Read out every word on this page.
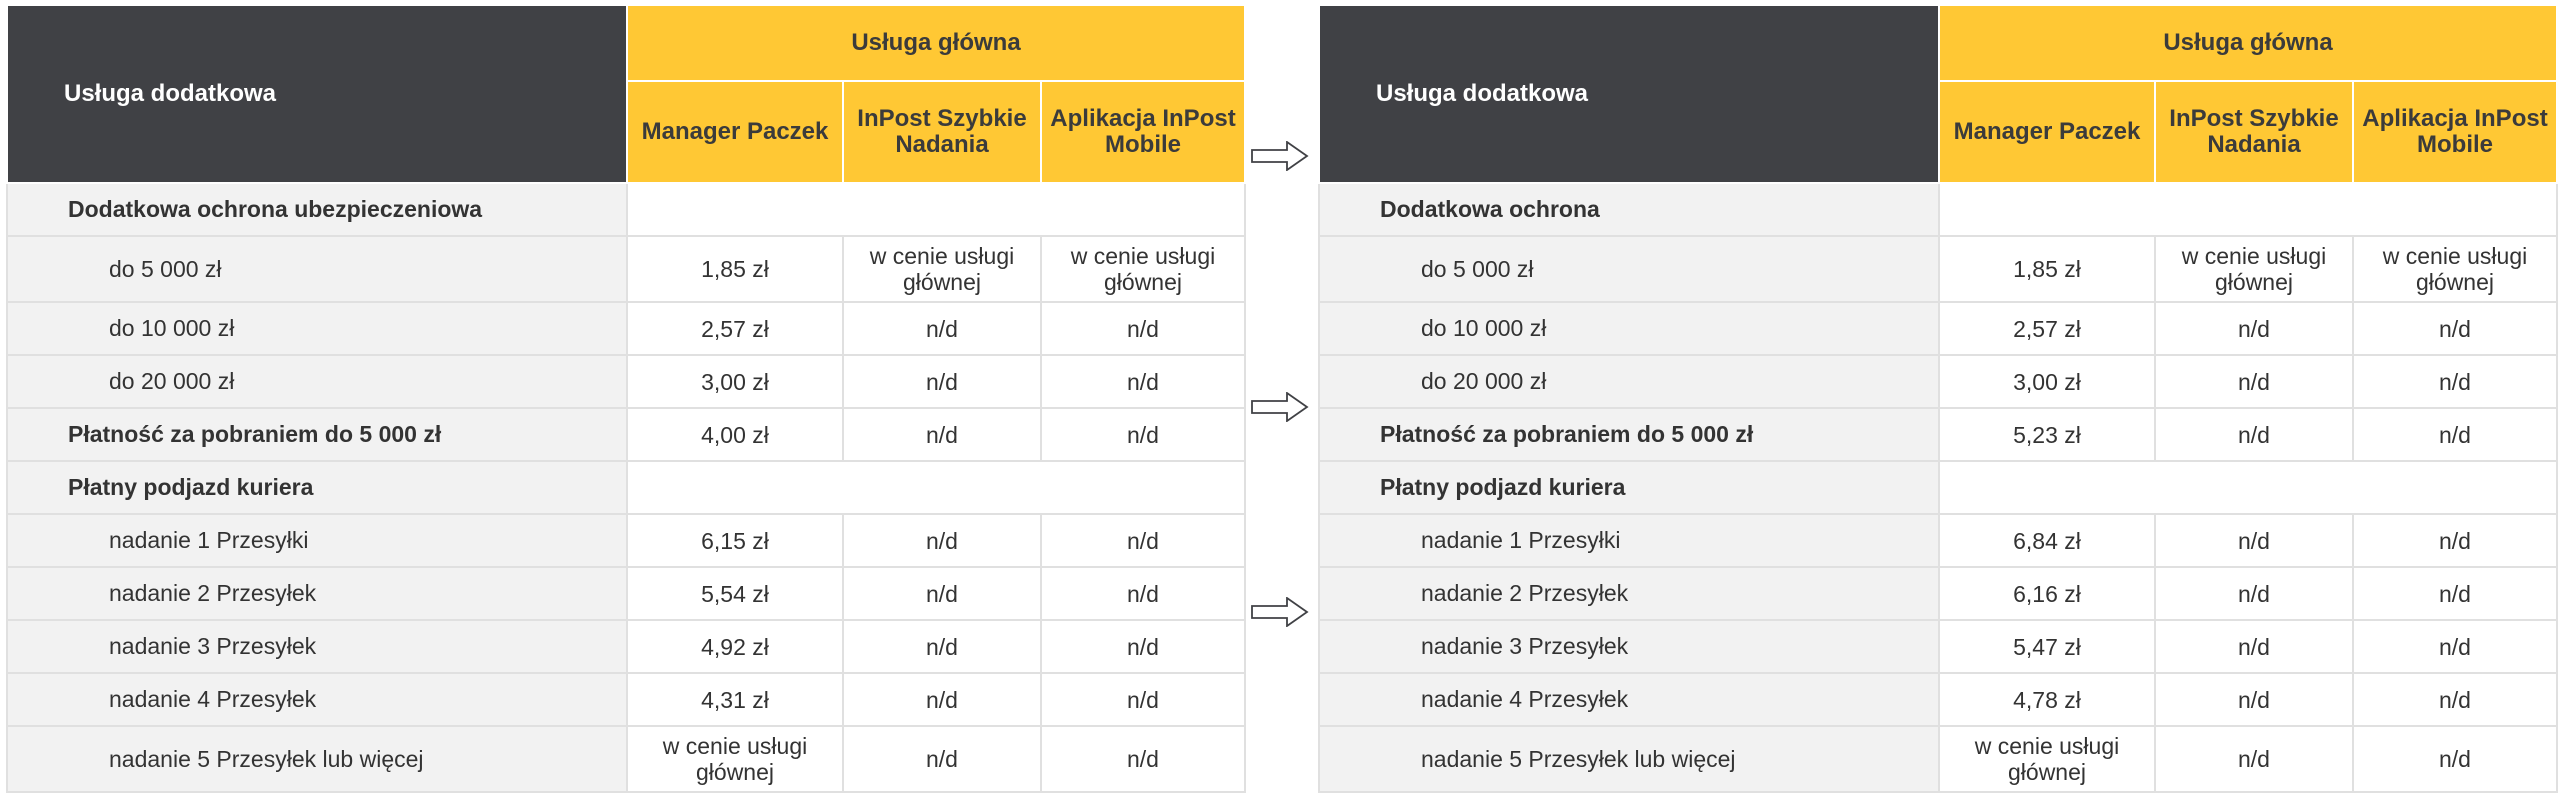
Usługa dodatkowa	Usługa główna		
	Manager Paczek	InPost Szybkie Nadania	Aplikacja InPost Mobile
Dodatkowa ochrona ubezpieczeniowa			
do 5 000 zł	1,85 zł	w cenie usługi głównej	w cenie usługi głównej
do 10 000 zł	2,57 zł	n/d	n/d
do 20 000 zł	3,00 zł	n/d	n/d
Płatność za pobraniem do 5 000 zł	4,00 zł	n/d	n/d
Płatny podjazd kuriera			
nadanie 1 Przesyłki	6,15 zł	n/d	n/d
nadanie 2 Przesyłek	5,54 zł	n/d	n/d
nadanie 3 Przesyłek	4,92 zł	n/d	n/d
nadanie 4 Przesyłek	4,31 zł	n/d	n/d
nadanie 5 Przesyłek lub więcej	w cenie usługi głównej	n/d	n/d
Usługa dodatkowa	Usługa główna		
	Manager Paczek	InPost Szybkie Nadania	Aplikacja InPost Mobile
Dodatkowa ochrona			
do 5 000 zł	1,85 zł	w cenie usługi głównej	w cenie usługi głównej
do 10 000 zł	2,57 zł	n/d	n/d
do 20 000 zł	3,00 zł	n/d	n/d
Płatność za pobraniem do 5 000 zł	5,23 zł	n/d	n/d
Płatny podjazd kuriera			
nadanie 1 Przesyłki	6,84 zł	n/d	n/d
nadanie 2 Przesyłek	6,16 zł	n/d	n/d
nadanie 3 Przesyłek	5,47 zł	n/d	n/d
nadanie 4 Przesyłek	4,78 zł	n/d	n/d
nadanie 5 Przesyłek lub więcej	w cenie usługi głównej	n/d	n/d
